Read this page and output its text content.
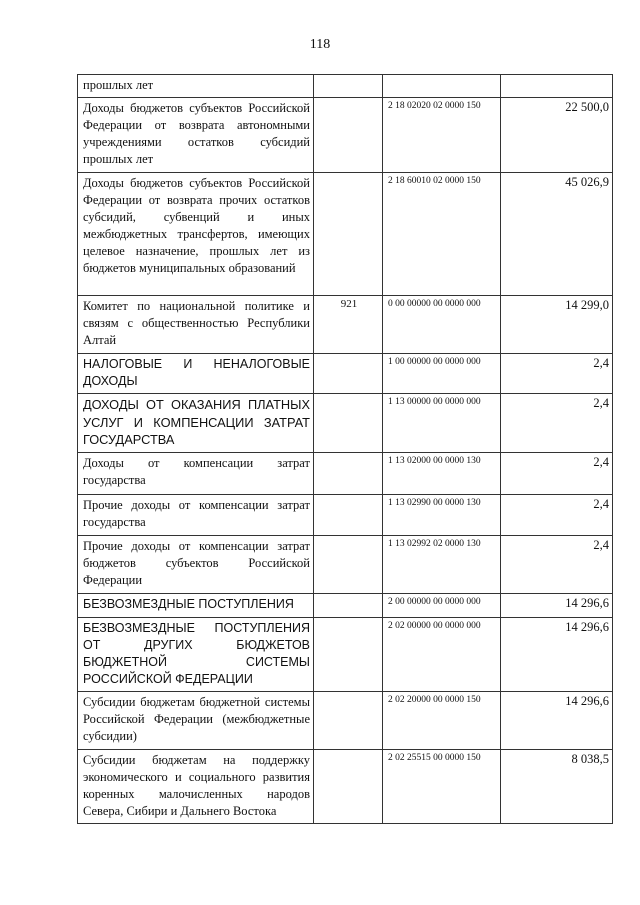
118
прошлых лет			
Доходы бюджетов субъектов Российской Федерации от возврата автономными учреждениями остатков субсидий прошлых лет		2 18 02020 02 0000 150	22 500,0
Доходы бюджетов субъектов Российской Федерации от возврата прочих остатков субсидий, субвенций и иных межбюджетных трансфертов, имеющих целевое назначение, прошлых лет из бюджетов муниципальных образований		2 18 60010 02 0000 150	45 026,9
Комитет по национальной политике и связям с общественностью Республики Алтай	921	0 00 00000 00 0000 000	14 299,0
НАЛОГОВЫЕ И НЕНАЛОГОВЫЕ ДОХОДЫ		1 00 00000 00 0000 000	2,4
ДОХОДЫ ОТ ОКАЗАНИЯ ПЛАТНЫХ УСЛУГ И КОМПЕНСАЦИИ ЗАТРАТ ГОСУДАРСТВА		1 13 00000 00 0000 000	2,4
Доходы от компенсации затрат государства		1 13 02000 00 0000 130	2,4
Прочие доходы от компенсации затрат государства		1 13 02990 00 0000 130	2,4
Прочие доходы от компенсации затрат бюджетов субъектов Российской Федерации		1 13 02992 02 0000 130	2,4
БЕЗВОЗМЕЗДНЫЕ ПОСТУПЛЕНИЯ		2 00 00000 00 0000 000	14 296,6
БЕЗВОЗМЕЗДНЫЕ ПОСТУПЛЕНИЯ ОТ ДРУГИХ БЮДЖЕТОВ БЮДЖЕТНОЙ СИСТЕМЫ РОССИЙСКОЙ ФЕДЕРАЦИИ		2 02 00000 00 0000 000	14 296,6
Субсидии бюджетам бюджетной системы Российской Федерации (межбюджетные субсидии)		2 02 20000 00 0000 150	14 296,6
Субсидии бюджетам на поддержку экономического и социального развития коренных малочисленных народов Севера, Сибири и Дальнего Востока		2 02 25515 00 0000 150	8 038,5
